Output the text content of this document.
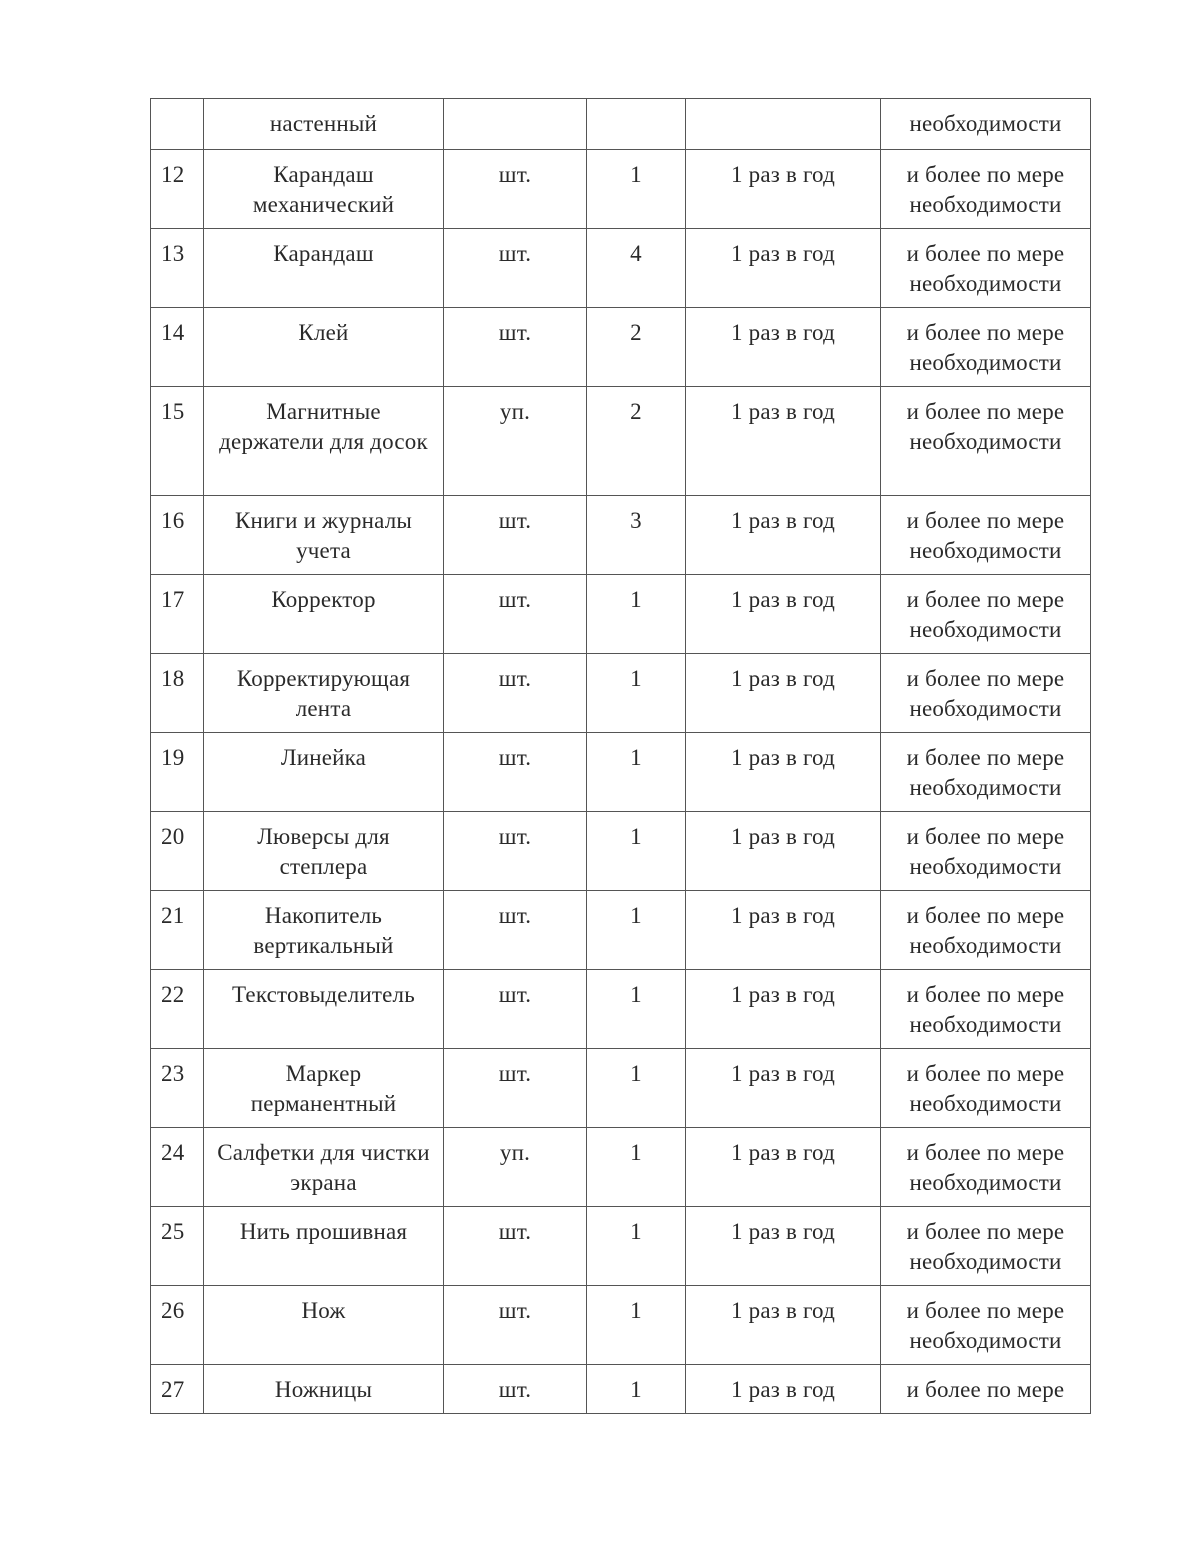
	настенный				необходимости
12	Карандаш механический	шт.	1	1 раз в год	и более по мере необходимости
13	Карандаш	шт.	4	1 раз в год	и более по мере необходимости
14	Клей	шт.	2	1 раз в год	и более по мере необходимости
15	Магнитные держатели для досок	уп.	2	1 раз в год	и более по мере необходимости
16	Книги и журналы учета	шт.	3	1 раз в год	и более по мере необходимости
17	Корректор	шт.	1	1 раз в год	и более по мере необходимости
18	Корректирующая лента	шт.	1	1 раз в год	и более по мере необходимости
19	Линейка	шт.	1	1 раз в год	и более по мере необходимости
20	Люверсы для степлера	шт.	1	1 раз в год	и более по мере необходимости
21	Накопитель вертикальный	шт.	1	1 раз в год	и более по мере необходимости
22	Текстовыделитель	шт.	1	1 раз в год	и более по мере необходимости
23	Маркер перманентный	шт.	1	1 раз в год	и более по мере необходимости
24	Салфетки для чистки экрана	уп.	1	1 раз в год	и более по мере необходимости
25	Нить прошивная	шт.	1	1 раз в год	и более по мере необходимости
26	Нож	шт.	1	1 раз в год	и более по мере необходимости
27	Ножницы	шт.	1	1 раз в год	и более по мере
